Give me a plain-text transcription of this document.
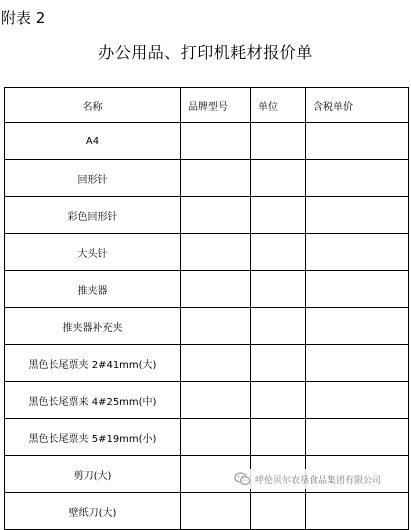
附表 2
办公用品、打印机耗材报价单
名称	品牌型号	单位	含税单价
A4			
回形针			
彩色回形针			
大头针			
推夹器			
推夹器补充夹			
黑色长尾票夹 2#41mm(大)			
黑色长尾票来 4#25mm(中)			
黑色长尾票夹 5#19mm(小)			
剪刀(大)			
壁纸刀(大)			
呼伦贝尔农垦食品集团有限公司
